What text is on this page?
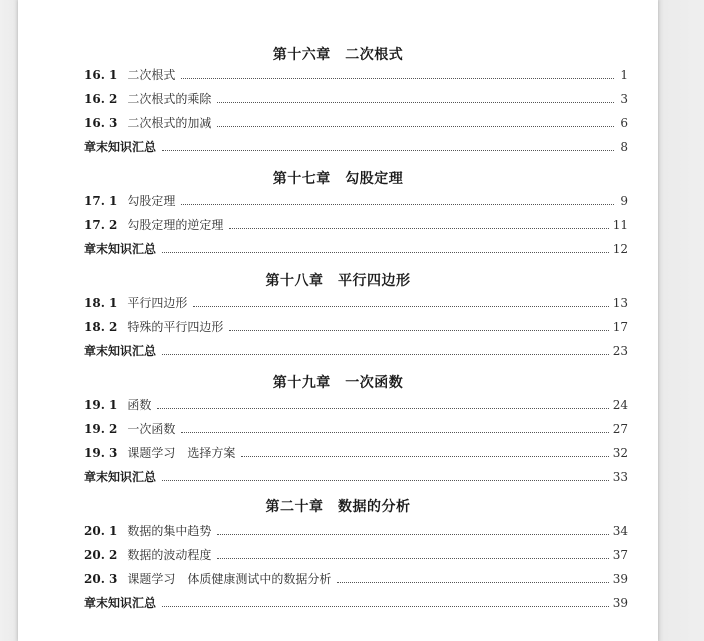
第十六章　二次根式
16. 1 二次根式	1
16. 2 二次根式的乘除	3
16. 3 二次根式的加减	6
章末知识汇总	8
第十七章　勾股定理
17. 1 勾股定理	9
17. 2 勾股定理的逆定理	11
章末知识汇总	12
第十八章　平行四边形
18. 1 平行四边形	13
18. 2 特殊的平行四边形	17
章末知识汇总	23
第十九章　一次函数
19. 1 函数	24
19. 2 一次函数	27
19. 3 课题学习　选择方案	32
章末知识汇总	33
第二十章　数据的分析
20. 1 数据的集中趋势	34
20. 2 数据的波动程度	37
20. 3 课题学习　体质健康测试中的数据分析	39
章末知识汇总	39
